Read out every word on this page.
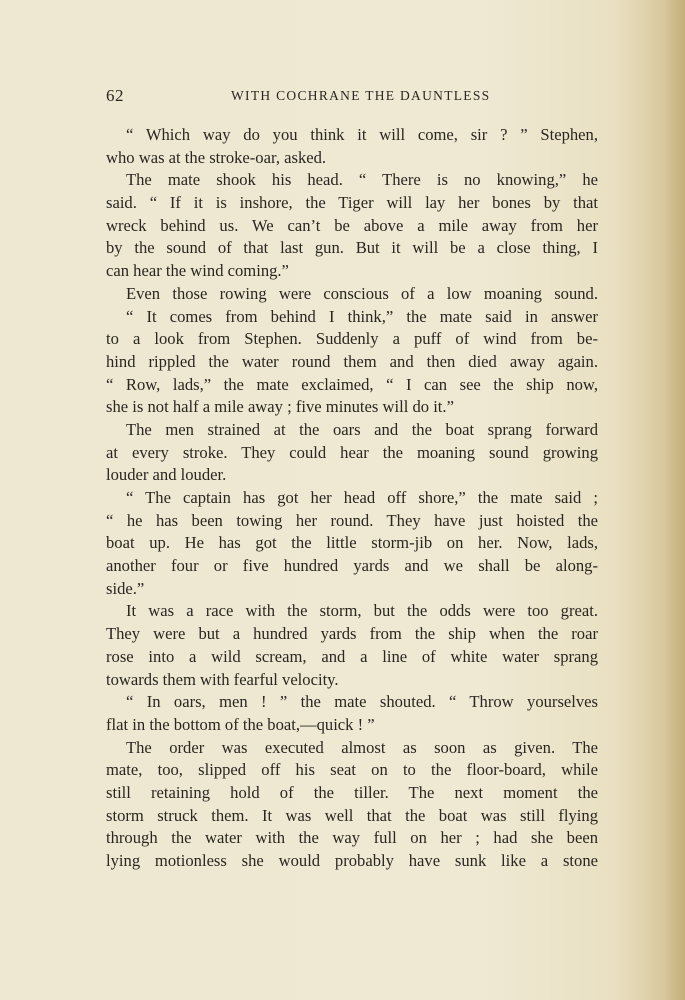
62	WITH COCHRANE THE DAUNTLESS
“ Which way do you think it will come, sir ? ” Stephen,
who was at the stroke-oar, asked.
The mate shook his head. “ There is no knowing,” he
said. “ If it is inshore, the Tiger will lay her bones by that
wreck behind us. We can’t be above a mile away from her
by the sound of that last gun. But it will be a close thing, I
can hear the wind coming.”
Even those rowing were conscious of a low moaning sound.
“ It comes from behind I think,” the mate said in answer
to a look from Stephen. Suddenly a puff of wind from be-
hind rippled the water round them and then died away again.
“ Row, lads,” the mate exclaimed, “ I can see the ship now,
she is not half a mile away ; five minutes will do it.”
The men strained at the oars and the boat sprang forward
at every stroke. They could hear the moaning sound growing
louder and louder.
“ The captain has got her head off shore,” the mate said ;
“ he has been towing her round. They have just hoisted the
boat up. He has got the little storm-jib on her. Now, lads,
another four or five hundred yards and we shall be along-
side.”
It was a race with the storm, but the odds were too great.
They were but a hundred yards from the ship when the roar
rose into a wild scream, and a line of white water sprang
towards them with fearful velocity.
“ In oars, men ! ” the mate shouted. “ Throw yourselves
flat in the bottom of the boat,—quick ! ”
The order was executed almost as soon as given. The
mate, too, slipped off his seat on to the floor-board, while
still retaining hold of the tiller. The next moment the
storm struck them. It was well that the boat was still flying
through the water with the way full on her ; had she been
lying motionless she would probably have sunk like a stone
